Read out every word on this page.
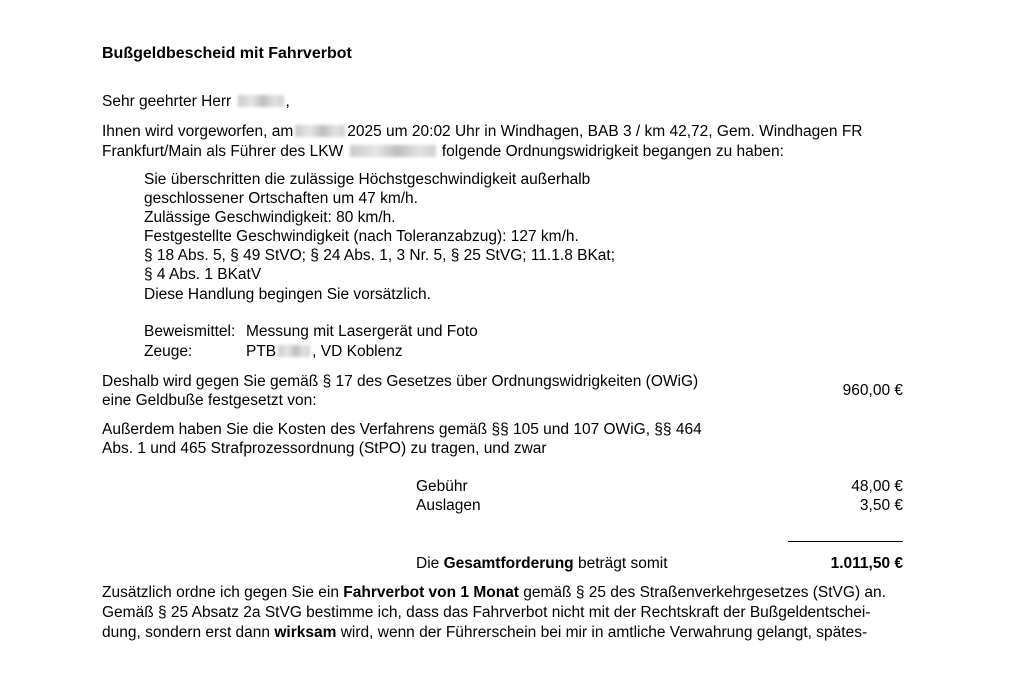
Bußgeldbescheid mit Fahrverbot
Sehr geehrter Herr	,
Ihnen wird vorgeworfen, am	2025 um 20:02 Uhr in Windhagen, BAB 3 / km 42,72, Gem. Windhagen FR
Frankfurt/Main als Führer des LKW	folgende Ordnungswidrigkeit begangen zu haben:
Sie überschritten die zulässige Höchstgeschwindigkeit außerhalb
geschlossener Ortschaften um 47 km/h.
Zulässige Geschwindigkeit: 80 km/h.
Festgestellte Geschwindigkeit (nach Toleranzabzug): 127 km/h.
§ 18 Abs. 5, § 49 StVO; § 24 Abs. 1, 3 Nr. 5, § 25 StVG; 11.1.8 BKat;
§ 4 Abs. 1 BKatV
Diese Handlung begingen Sie vorsätzlich.
Beweismittel: Messung mit Lasergerät und Foto
Zeuge:	PTB , VD Koblenz
Deshalb wird gegen Sie gemäß § 17 des Gesetzes über Ordnungswidrigkeiten (OWiG)
eine Geldbuße festgesetzt von:
960,00 €
Außerdem haben Sie die Kosten des Verfahrens gemäß §§ 105 und 107 OWiG, §§ 464
Abs. 1 und 465 Strafprozessordnung (StPO) zu tragen, und zwar
Gebühr	48,00 €
Auslagen	3,50 €
Die Gesamtforderung beträgt somit	1.011,50 €
Zusätzlich ordne ich gegen Sie ein Fahrverbot von 1 Monat gemäß § 25 des Straßenverkehrgesetzes (StVG) an.
Gemäß § 25 Absatz 2a StVG bestimme ich, dass das Fahrverbot nicht mit der Rechtskraft der Bußgeldentschei-
dung, sondern erst dann wirksam wird, wenn der Führerschein bei mir in amtliche Verwahrung gelangt, spätes-
